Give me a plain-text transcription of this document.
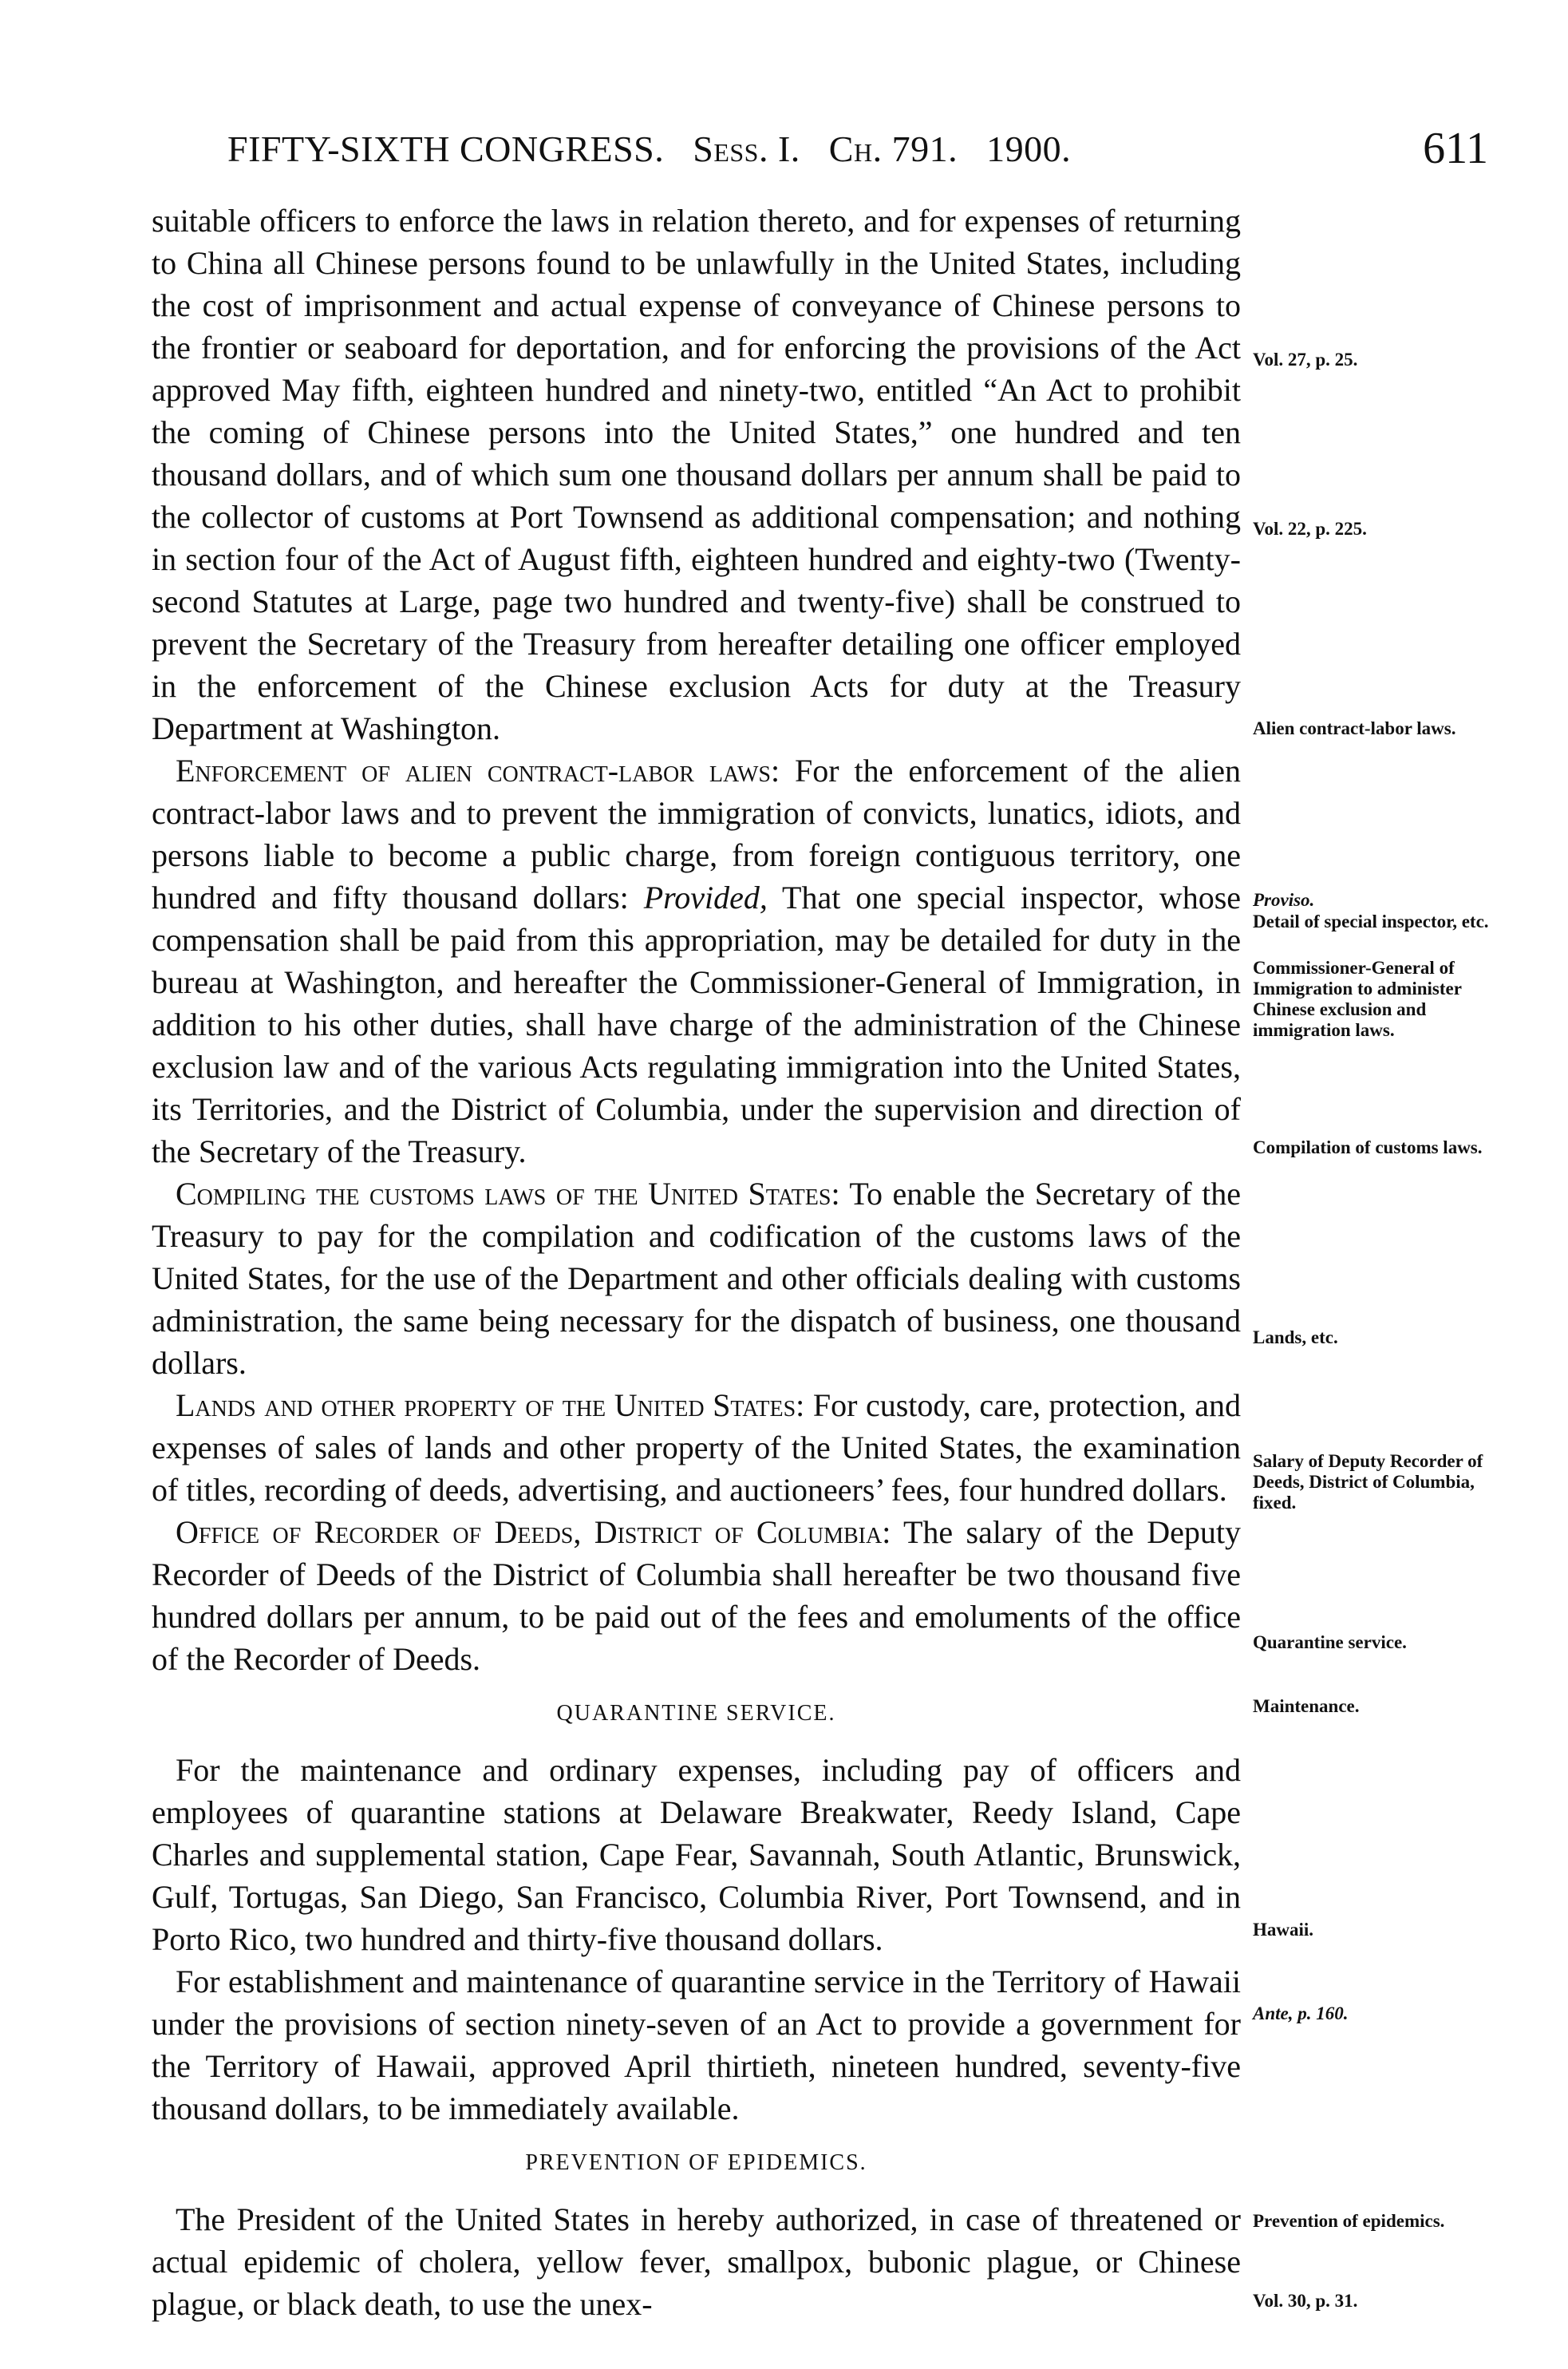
FIFTY-SIXTH CONGRESS. Sess. I. Ch. 791. 1900.	611

suitable officers to enforce the laws in relation thereto, and for expenses of returning to China all Chinese persons found to be unlawfully in the United States, including the cost of imprisonment and actual expense of conveyance of Chinese persons to the frontier or seaboard for deportation, and for enforcing the provisions of the Act approved May fifth, eighteen hundred and ninety-two, entitled “An Act to prohibit the coming of Chinese persons into the United States,” one hundred and ten thousand dollars, and of which sum one thousand dollars per annum shall be paid to the collector of customs at Port Townsend as additional compensation; and nothing in section four of the Act of August fifth, eighteen hundred and eighty-two (Twenty-second Statutes at Large, page two hundred and twenty-five) shall be construed to prevent the Secretary of the Treasury from hereafter detailing one officer employed in the enforcement of the Chinese exclusion Acts for duty at the Treasury Department at Washington.

Enforcement of alien contract-labor laws: For the enforcement of the alien contract-labor laws and to prevent the immigration of convicts, lunatics, idiots, and persons liable to become a public charge, from foreign contiguous territory, one hundred and fifty thousand dollars: Provided, That one special inspector, whose compensation shall be paid from this appropriation, may be detailed for duty in the bureau at Washington, and hereafter the Commissioner-General of Immigration, in addition to his other duties, shall have charge of the administration of the Chinese exclusion law and of the various Acts regulating immigration into the United States, its Territories, and the District of Columbia, under the supervision and direction of the Secretary of the Treasury.

Compiling the customs laws of the United States: To enable the Secretary of the Treasury to pay for the compilation and codification of the customs laws of the United States, for the use of the Department and other officials dealing with customs administration, the same being necessary for the dispatch of business, one thousand dollars.

Lands and other property of the United States: For custody, care, protection, and expenses of sales of lands and other property of the United States, the examination of titles, recording of deeds, advertising, and auctioneers’ fees, four hundred dollars.

Office of Recorder of Deeds, District of Columbia: The salary of the Deputy Recorder of Deeds of the District of Columbia shall hereafter be two thousand five hundred dollars per annum, to be paid out of the fees and emoluments of the office of the Recorder of Deeds.

QUARANTINE SERVICE.

For the maintenance and ordinary expenses, including pay of officers and employees of quarantine stations at Delaware Breakwater, Reedy Island, Cape Charles and supplemental station, Cape Fear, Savannah, South Atlantic, Brunswick, Gulf, Tortugas, San Diego, San Francisco, Columbia River, Port Townsend, and in Porto Rico, two hundred and thirty-five thousand dollars.

For establishment and maintenance of quarantine service in the Territory of Hawaii under the provisions of section ninety-seven of an Act to provide a government for the Territory of Hawaii, approved April thirtieth, nineteen hundred, seventy-five thousand dollars, to be immediately available.

PREVENTION OF EPIDEMICS.

The President of the United States in hereby authorized, in case of threatened or actual epidemic of cholera, yellow fever, smallpox, bubonic plague, or Chinese plague, or black death, to use the unex-

Vol. 27, p. 25.
Vol. 22, p. 225.
Alien contract-labor laws.
Proviso.
Detail of special inspector, etc.
Commissioner-General of Immigration to administer Chinese exclusion and immigration laws.
Compilation of customs laws.
Lands, etc.
Salary of Deputy Recorder of Deeds, District of Columbia, fixed.
Quarantine service.
Maintenance.
Hawaii.
Ante, p. 160.
Prevention of epidemics.
Vol. 30, p. 31.
